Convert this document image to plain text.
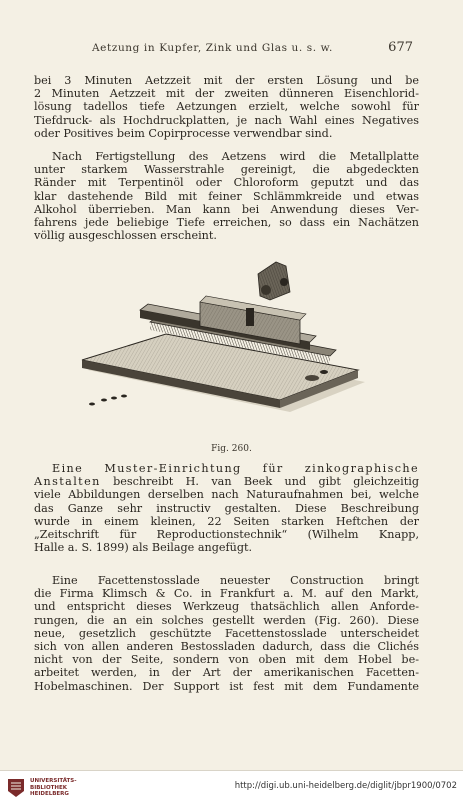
Aetzung in Kupfer, Zink und Glas u. s. w.	677
bei 3 Minuten Aetzzeit mit der ersten Lösung und be
2 Minuten Aetzzeit mit der zweiten dünneren Eisenchlorid-
lösung tadellos tiefe Aetzungen erzielt, welche sowohl für
Tiefdruck- als Hochdruckplatten, je nach Wahl eines Negatives
oder Positives beim Copirprocesse verwendbar sind.
Nach Fertigstellung des Aetzens wird die Metallplatte
unter starkem Wasserstrahle gereinigt, die abgedeckten
Ränder mit Terpentinöl oder Chloroform geputzt und das
klar dastehende Bild mit feiner Schlämmkreide und etwas
Alkohol überrieben. Man kann bei Anwendung dieses Ver-
fahrens jede beliebige Tiefe erreichen, so dass ein Nachätzen
völlig ausgeschlossen erscheint.
Fig. 260.
Eine Muster-Einrichtung für zinkographische
Anstalten beschreibt H. van Beek und gibt gleichzeitig
viele Abbildungen derselben nach Naturaufnahmen bei, welche
das Ganze sehr instructiv gestalten. Diese Beschreibung
wurde in einem kleinen, 22 Seiten starken Heftchen der
„Zeitschrift für Reproductionstechnik“ (Wilhelm Knapp,
Halle a. S. 1899) als Beilage angefügt.
Eine Facettenstosslade neuester Construction bringt
die Firma Klimsch & Co. in Frankfurt a. M. auf den Markt,
und entspricht dieses Werkzeug thatsächlich allen Anforde-
rungen, die an ein solches gestellt werden (Fig. 260). Diese
neue, gesetzlich geschützte Facettenstosslade unterscheidet
sich von allen anderen Bestossladen dadurch, dass die Clichés
nicht von der Seite, sondern von oben mit dem Hobel be-
arbeitet werden, in der Art der amerikanischen Facetten-
Hobelmaschinen. Der Support ist fest mit dem Fundamente
UNIVERSITÄTS-
BIBLIOTHEK
HEIDELBERG
http://digi.ub.uni-heidelberg.de/diglit/jbpr1900/0702
